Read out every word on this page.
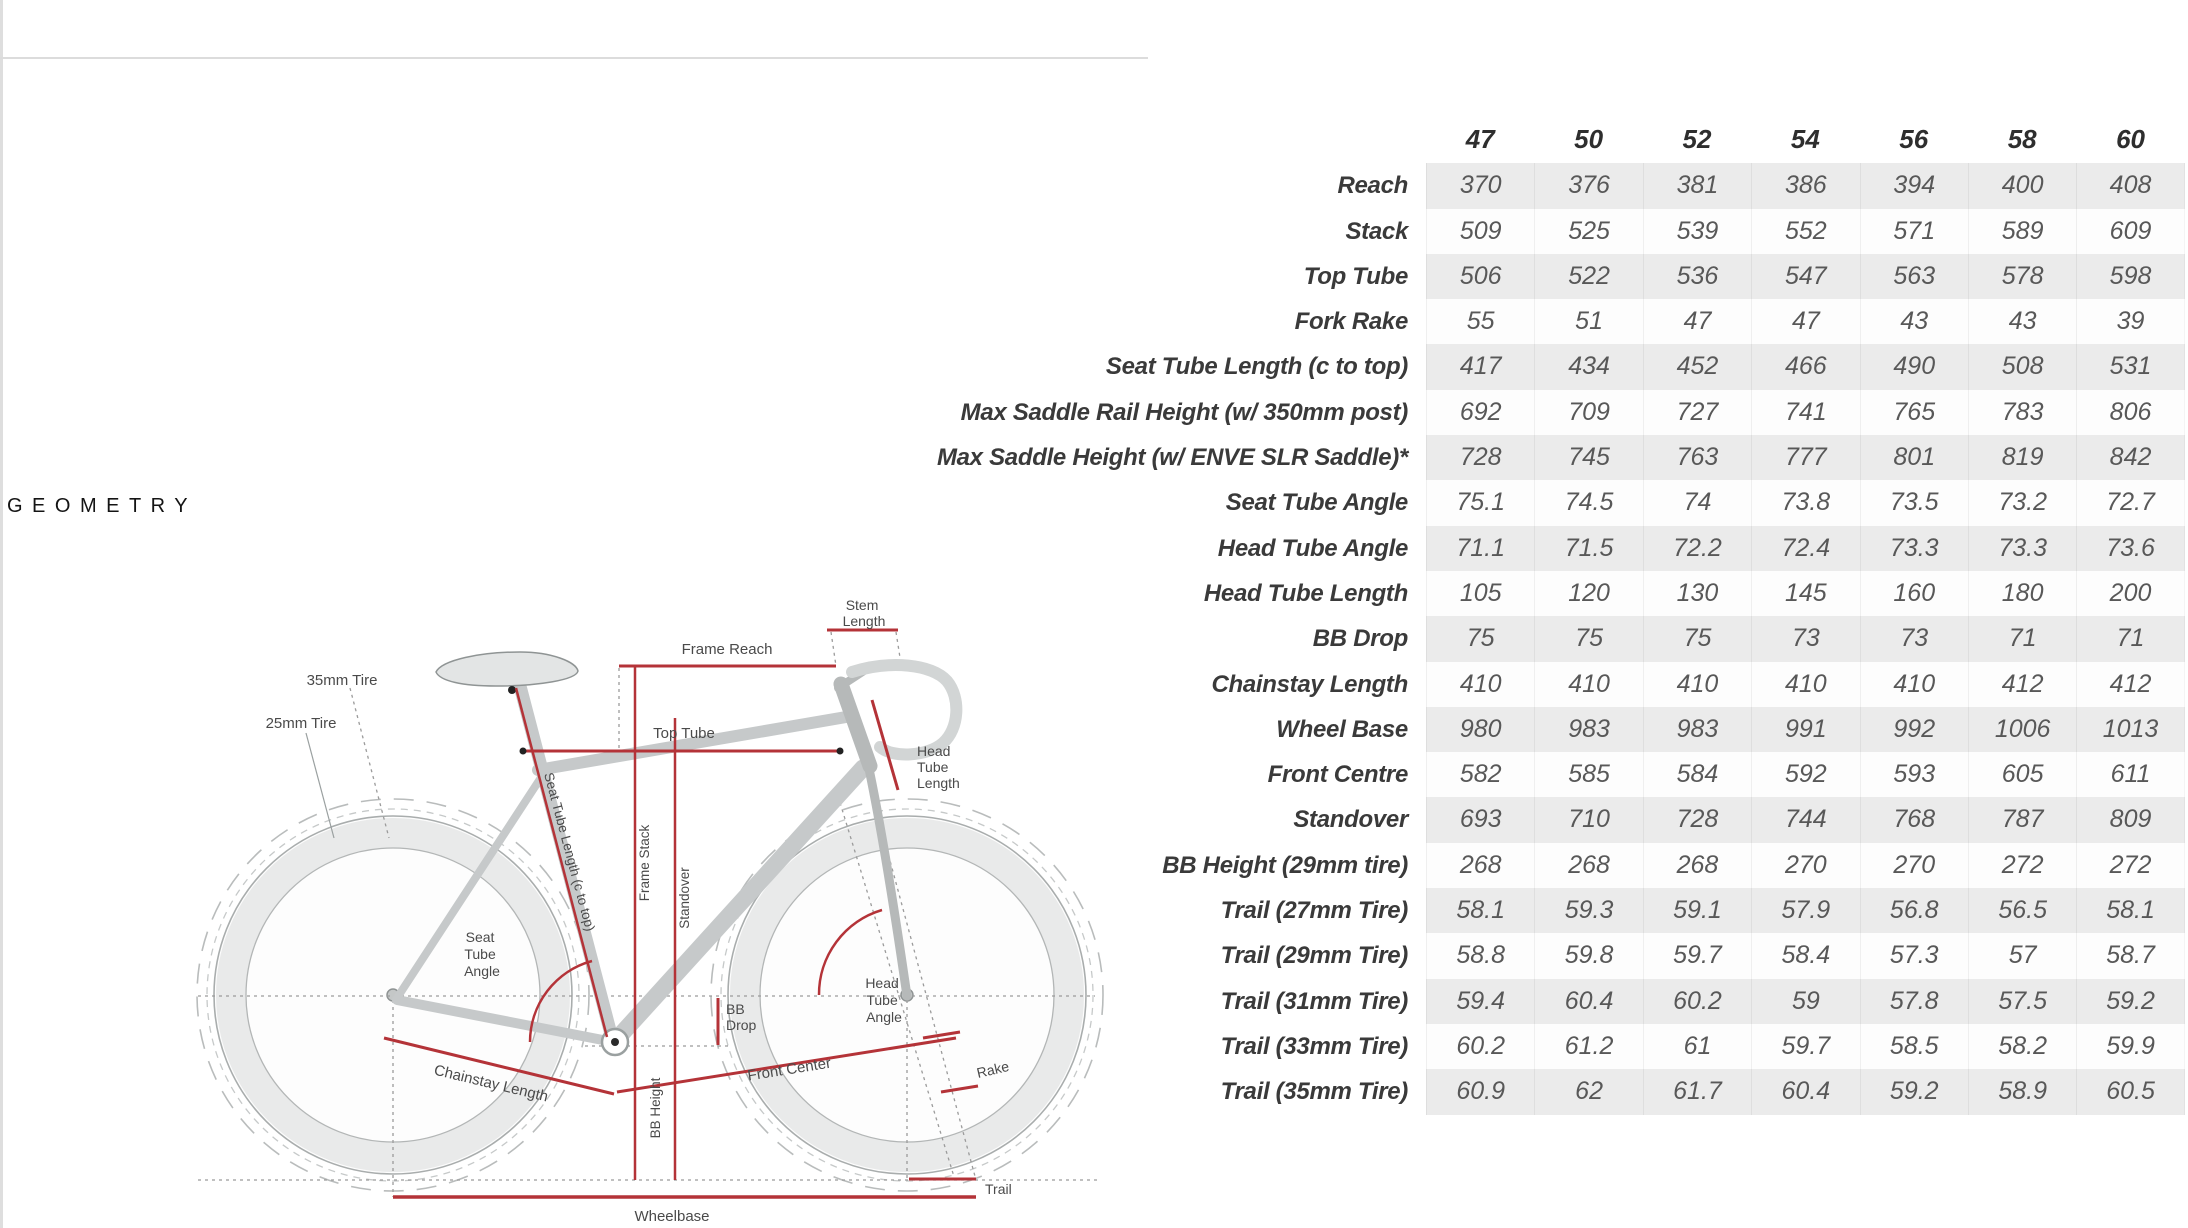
GEOMETRY
47	50	52	54	56	58	60
Reach	370	376	381	386	394	400	408
Stack	509	525	539	552	571	589	609
Top Tube	506	522	536	547	563	578	598
Fork Rake	55	51	47	47	43	43	39
Seat Tube Length (c to top)	417	434	452	466	490	508	531
Max Saddle Rail Height (w/ 350mm post)	692	709	727	741	765	783	806
Max Saddle Height (w/ ENVE SLR Saddle)*	728	745	763	777	801	819	842
Seat Tube Angle	75.1	74.5	74	73.8	73.5	73.2	72.7
Head Tube Angle	71.1	71.5	72.2	72.4	73.3	73.3	73.6
Head Tube Length	105	120	130	145	160	180	200
BB Drop	75	75	75	73	73	71	71
Chainstay Length	410	410	410	410	410	412	412
Wheel Base	980	983	983	991	992	1006	1013
Front Centre	582	585	584	592	593	605	611
Standover	693	710	728	744	768	787	809
BB Height (29mm tire)	268	268	268	270	270	272	272
Trail (27mm Tire)	58.1	59.3	59.1	57.9	56.8	56.5	58.1
Trail (29mm Tire)	58.8	59.8	59.7	58.4	57.3	57	58.7
Trail (31mm Tire)	59.4	60.4	60.2	59	57.8	57.5	59.2
Trail (33mm Tire)	60.2	61.2	61	59.7	58.5	58.2	59.9
Trail (35mm Tire)	60.9	62	61.7	60.4	59.2	58.9	60.5
35mm Tire
25mm Tire
Stem Length
Frame Reach
Top Tube
Head Tube Length
Seat Tube Length (c to top)	Frame Stack Standover
BB Height
Seat Tube Angle
Head Tube Angle
BB Drop
Chainstay Length	Front Center	Rake
Trail
Wheelbase
